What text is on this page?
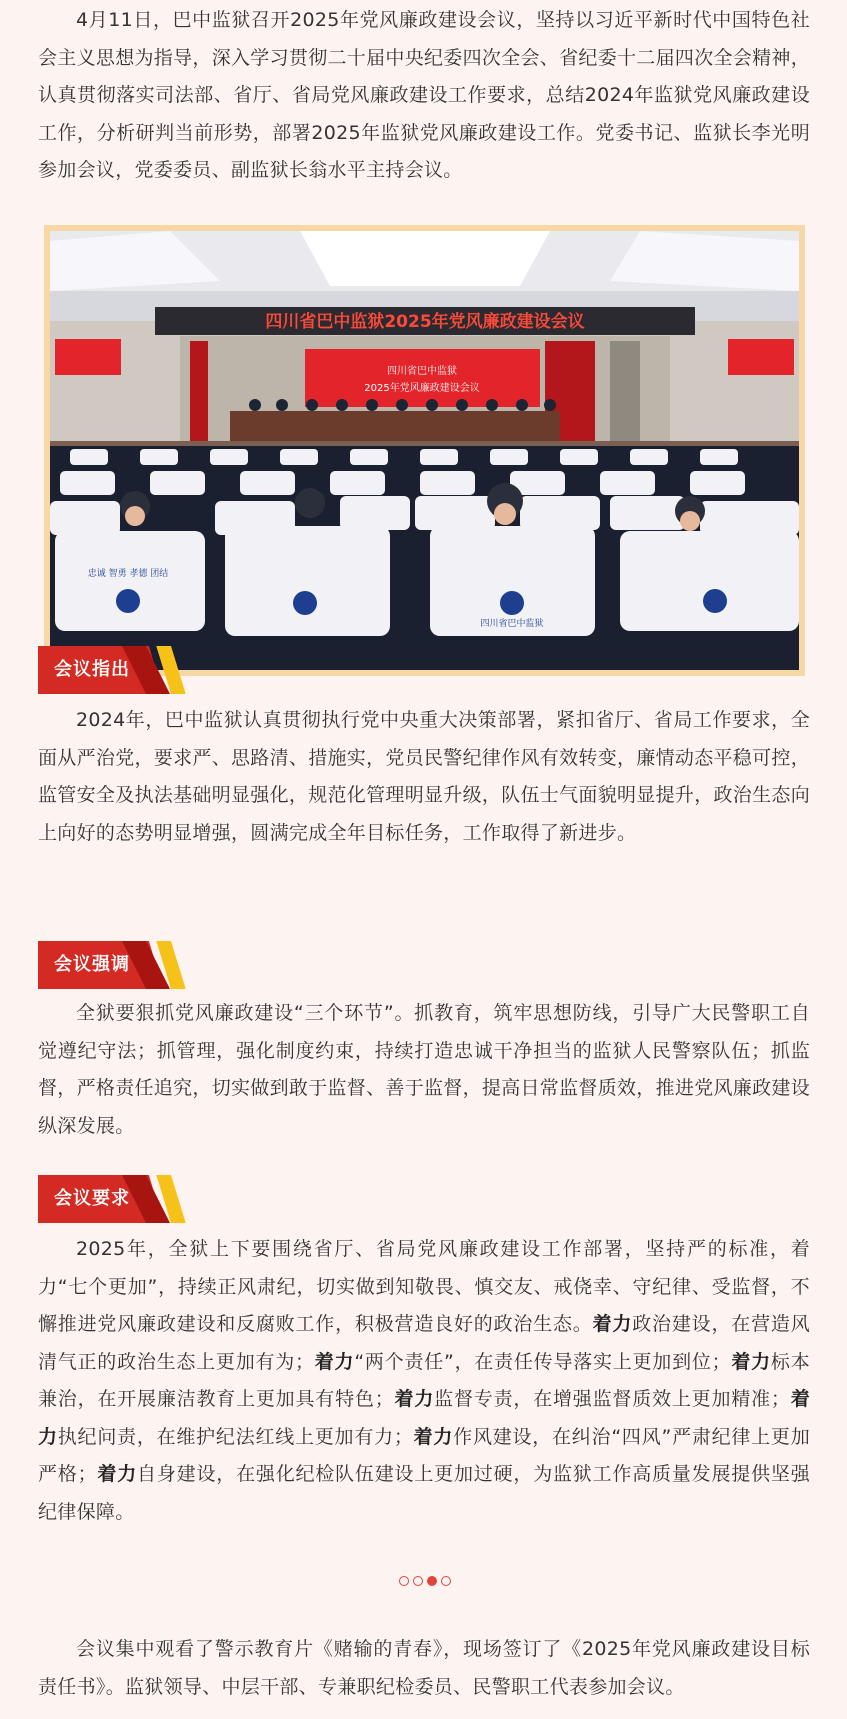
4月11日，巴中监狱召开2025年党风廉政建设会议，坚持以习近平新时代中国特色社会主义思想为指导，深入学习贯彻二十届中央纪委四次全会、省纪委十二届四次全会精神，认真贯彻落实司法部、省厅、省局党风廉政建设工作要求，总结2024年监狱党风廉政建设工作，分析研判当前形势，部署2025年监狱党风廉政建设工作。党委书记、监狱长李光明参加会议，党委委员、副监狱长翁水平主持会议。

四川省巴中监狱2025年党风廉政建设会议
四川省巴中监狱
2025年党风廉政建设会议
忠诚 智勇 孝德 团结
四川省巴中监狱
会议指出

2024年，巴中监狱认真贯彻执行党中央重大决策部署，紧扣省厅、省局工作要求，全面从严治党，要求严、思路清、措施实，党员民警纪律作风有效转变，廉情动态平稳可控，监管安全及执法基础明显强化，规范化管理明显升级，队伍士气面貌明显提升，政治生态向上向好的态势明显增强，圆满完成全年目标任务，工作取得了新进步。

会议强调

全狱要狠抓党风廉政建设“三个环节”。抓教育，筑牢思想防线，引导广大民警职工自觉遵纪守法；抓管理，强化制度约束，持续打造忠诚干净担当的监狱人民警察队伍；抓监督，严格责任追究，切实做到敢于监督、善于监督，提高日常监督质效，推进党风廉政建设纵深发展。

会议要求

2025年，全狱上下要围绕省厅、省局党风廉政建设工作部署，坚持严的标准，着力“七个更加”，持续正风肃纪，切实做到知敬畏、慎交友、戒侥幸、守纪律、受监督，不懈推进党风廉政建设和反腐败工作，积极营造良好的政治生态。着力政治建设，在营造风清气正的政治生态上更加有为；着力“两个责任”，在责任传导落实上更加到位；着力标本兼治，在开展廉洁教育上更加具有特色；着力监督专责，在增强监督质效上更加精准；着力执纪问责，在维护纪法红线上更加有力；着力作风建设，在纠治“四风”严肃纪律上更加严格；着力自身建设，在强化纪检队伍建设上更加过硬，为监狱工作高质量发展提供坚强纪律保障。

会议集中观看了警示教育片《赌输的青春》，现场签订了《2025年党风廉政建设目标责任书》。监狱领导、中层干部、专兼职纪检委员、民警职工代表参加会议。
